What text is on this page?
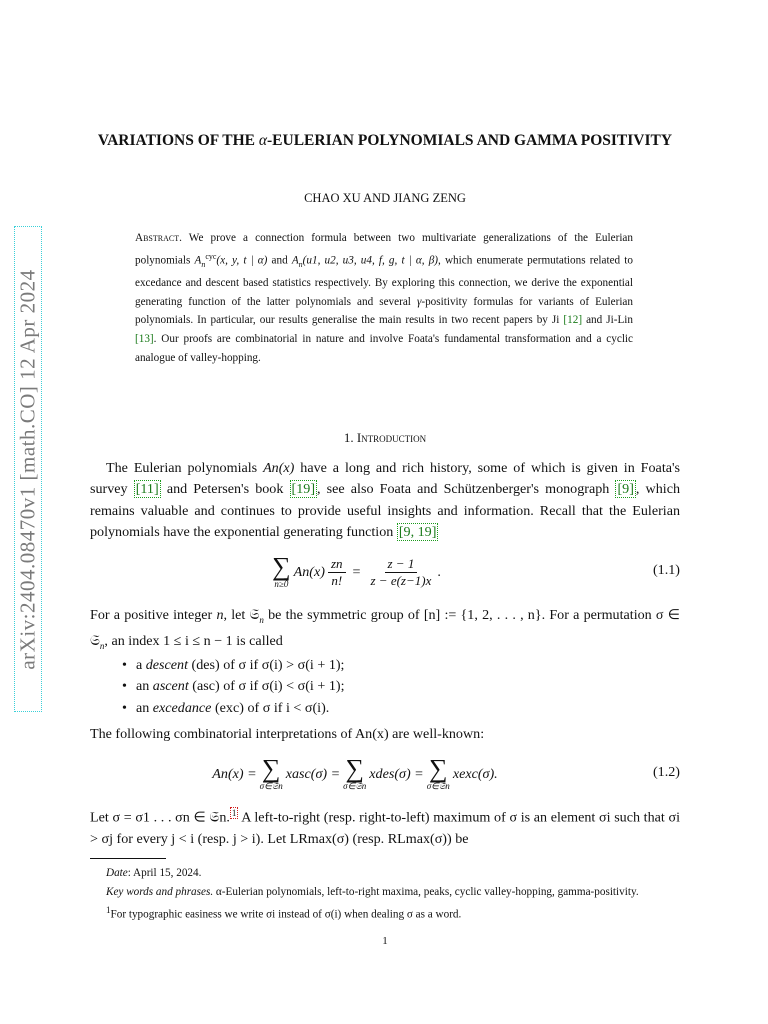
arXiv:2404.08470v1 [math.CO] 12 Apr 2024
VARIATIONS OF THE α-EULERIAN POLYNOMIALS AND GAMMA POSITIVITY
CHAO XU AND JIANG ZENG
Abstract. We prove a connection formula between two multivariate generalizations of the Eulerian polynomials $A_n^{cyc}(x$, y, t | α) and $A_n(u1$, u2, u3, u4, f, g, t | α, β), which enumerate permutations related to excedance and descent based statistics respectively. By exploring this connection, we derive the exponential generating function of the latter polynomials and several γ-positivity formulas for variants of Eulerian polynomials. In particular, our results generalise the main results in two recent papers by Ji [12] and Ji-Lin [13]. Our proofs are combinatorial in nature and involve Foata's fundamental transformation and a cyclic analogue of valley-hopping.
1. Introduction
The Eulerian polynomials An(x) have a long and rich history, some of which is given in Foata's survey [11] and Petersen's book [19] , see also Foata and Schützenberger's monograph [9] , which remains valuable and continues to provide useful insights and information. Recall that the Eulerian polynomials have the exponential generating function [9, 19]
∑
n≥0
$An(x) \frac{zn}{n!} = \frac{z - 1}{z - e(z-1)x}$ .	(1.1)
For a positive integer n, let 𝔖$_n$ be the symmetric group of [n] := {1, 2, . . . , n}. For a permutation σ ∈ 𝔖$_n$, an index 1 ≤ i ≤ n − 1 is called
• a descent (des) of σ if σ(i) > σ(i + 1);
• an ascent (asc) of σ if σ(i) < σ(i + 1);
• an excedance (exc) of σ if i < σ(i).
The following combinatorial interpretations of An(x) are well-known:
An(x) = ∑
σ∈𝔖n
xasc(σ) = ∑
σ∈𝔖n
xdes(σ) = ∑
σ∈𝔖n
xexc(σ).	(1.2)
Let σ = σ1 . . . σn ∈ 𝔖n. $^1$ A left-to-right (resp. right-to-left) maximum of σ is an element σi such that σi > σj for every j < i (resp. j > i). Let LRmax(σ) (resp. RLmax(σ)) be
Date: April 15, 2024.
Key words and phrases. α-Eulerian polynomials, left-to-right maxima, peaks, cyclic valley-hopping, gamma-positivity.
$^1$For typographic easiness we write σi instead of σ(i) when dealing σ as a word.
1
